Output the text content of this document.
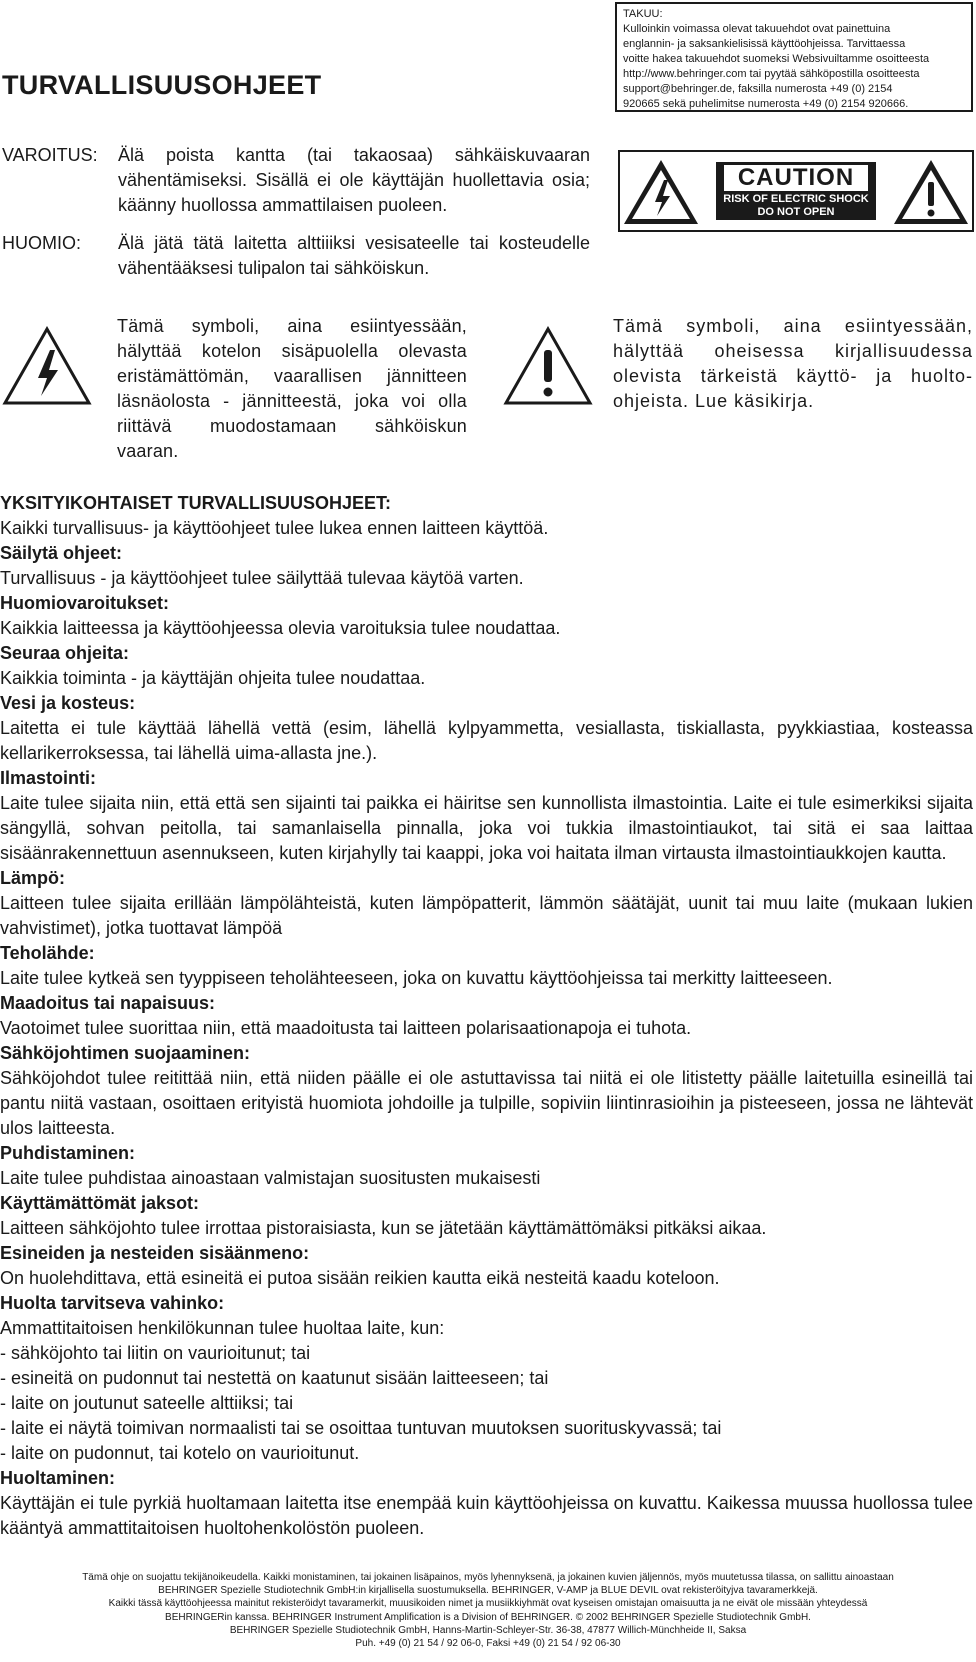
TAKUU:
Kulloinkin voimassa olevat takuuehdot ovat painettuina
englannin- ja saksankielisissä käyttöohjeissa. Tarvittaessa
voitte hakea takuuehdot suomeksi Websivuiltamme osoitteesta
http://www.behringer.com tai pyytää sähköpostilla osoitteesta
support@behringer.de, faksilla numerosta +49 (0) 2154
920665 sekä puhelimitse numerosta +49 (0) 2154 920666.
TURVALLISUUSOHJEET
VAROITUS: Älä poista kantta (tai takaosaa) sähkäiskuvaaran vähentämiseksi. Sisällä ei ole käyttäjän huollettavia osia; käänny huollossa ammattilaisen puoleen.
HUOMIO: Älä jätä tätä laitetta alttiiiksi vesisateelle tai kosteudelle vähentääksesi tulipalon tai sähköiskun.
CAUTION
RISK OF ELECTRIC SHOCK
DO NOT OPEN
Tämä symboli, aina esiintyessään, hälyttää kotelon sisäpuolella olevasta eristämättömän, vaarallisen jännitteen läsnäolosta - jännitteestä, joka voi olla riittävä muodostamaan sähköiskun vaaran.
Tämä symboli, aina esiintyessään, hälyttää oheisessa kirjallisuudessa olevista tärkeistä käyttö- ja huolto-ohjeista. Lue käsikirja.
YKSITYIKOHTAISET TURVALLISUUSOHJEET:

Kaikki turvallisuus- ja käyttöohjeet tulee lukea ennen laitteen käyttöä.

Säilytä ohjeet:

Turvallisuus - ja käyttöohjeet tulee säilyttää tulevaa käytöä varten.

Huomiovaroitukset:

Kaikkia laitteessa ja käyttöohjeessa olevia varoituksia tulee noudattaa.

Seuraa ohjeita:

Kaikkia toiminta - ja käyttäjän ohjeita tulee noudattaa.

Vesi ja kosteus:

Laitetta ei tule käyttää lähellä vettä (esim, lähellä kylpyammetta, vesiallasta, tiskiallasta, pyykkiastiaa, kosteassa kellarikerroksessa, tai lähellä uima-allasta jne.).

Ilmastointi:

Laite tulee sijaita niin, että että sen sijainti tai paikka ei häiritse sen kunnollista ilmastointia. Laite ei tule esimerkiksi sijaita sängyllä, sohvan peitolla, tai samanlaisella pinnalla, joka voi tukkia ilmastointiaukot, tai sitä ei saa laittaa sisäänrakennettuun asennukseen, kuten kirjahylly tai kaappi, joka voi haitata ilman virtausta ilmastointiaukkojen kautta.

Lämpö:

Laitteen tulee sijaita erillään lämpölähteistä, kuten lämpöpatterit, lämmön säätäjät, uunit tai muu laite (mukaan lukien vahvistimet), jotka tuottavat lämpöä

Teholähde:

Laite tulee kytkeä sen tyyppiseen teholähteeseen, joka on kuvattu käyttöohjeissa tai merkitty laitteeseen.

Maadoitus tai napaisuus:

Vaotoimet tulee suorittaa niin, että maadoitusta tai laitteen polarisaationapoja ei tuhota.

Sähköjohtimen suojaaminen:

Sähköjohdot tulee reitittää niin, että niiden päälle ei ole astuttavissa tai niitä ei ole litistetty päälle laitetuilla esineillä tai pantu niitä vastaan, osoittaen erityistä huomiota johdoille ja tulpille, sopiviin liintinrasioihin ja pisteeseen, jossa ne lähtevät ulos laitteesta.

Puhdistaminen:

Laite tulee puhdistaa ainoastaan valmistajan suositusten mukaisesti

Käyttämättömät jaksot:

Laitteen sähköjohto tulee irrottaa pistoraisiasta, kun se jätetään käyttämättömäksi pitkäksi aikaa.

Esineiden ja nesteiden sisäänmeno:

On huolehdittava, että esineitä ei putoa sisään reikien kautta eikä nesteitä kaadu koteloon.

Huolta tarvitseva vahinko:

Ammattitaitoisen henkilökunnan tulee huoltaa laite, kun:

- sähköjohto tai liitin on vaurioitunut; tai

- esineitä on pudonnut tai nestettä on kaatunut sisään laitteeseen; tai

- laite on joutunut sateelle alttiiksi; tai

- laite ei näytä toimivan normaalisti tai se osoittaa tuntuvan muutoksen suorituskyvassä; tai

- laite on pudonnut, tai kotelo on vaurioitunut.

Huoltaminen:

Käyttäjän ei tule pyrkiä huoltamaan laitetta itse enempää kuin käyttöohjeissa on kuvattu. Kaikessa muussa huollossa tulee kääntyä ammattitaitoisen huoltohenkolöstön puoleen.

Tämä ohje on suojattu tekijänoikeudella. Kaikki monistaminen, tai jokainen lisäpainos, myös lyhennyksenä, ja jokainen kuvien jäljennös, myös muutetussa tilassa, on sallittu ainoastaan
BEHRINGER Spezielle Studiotechnik GmbH:in kirjallisella suostumuksella. BEHRINGER, V-AMP ja BLUE DEVIL ovat rekisteröityjva tavaramerkkejä.
Kaikki tässä käyttöohjeessa mainitut rekisteröidyt tavaramerkit, muusikoiden nimet ja musiikkiyhmät ovat kyseisen omistajan omaisuutta ja ne eivät ole missään yhteydessä
BEHRINGERin kanssa. BEHRINGER Instrument Amplification is a Division of BEHRINGER. © 2002 BEHRINGER Spezielle Studiotechnik GmbH.
BEHRINGER Spezielle Studiotechnik GmbH, Hanns-Martin-Schleyer-Str. 36-38, 47877 Willich-Münchheide II, Saksa
Puh. +49 (0) 21 54 / 92 06-0, Faksi +49 (0) 21 54 / 92 06-30
